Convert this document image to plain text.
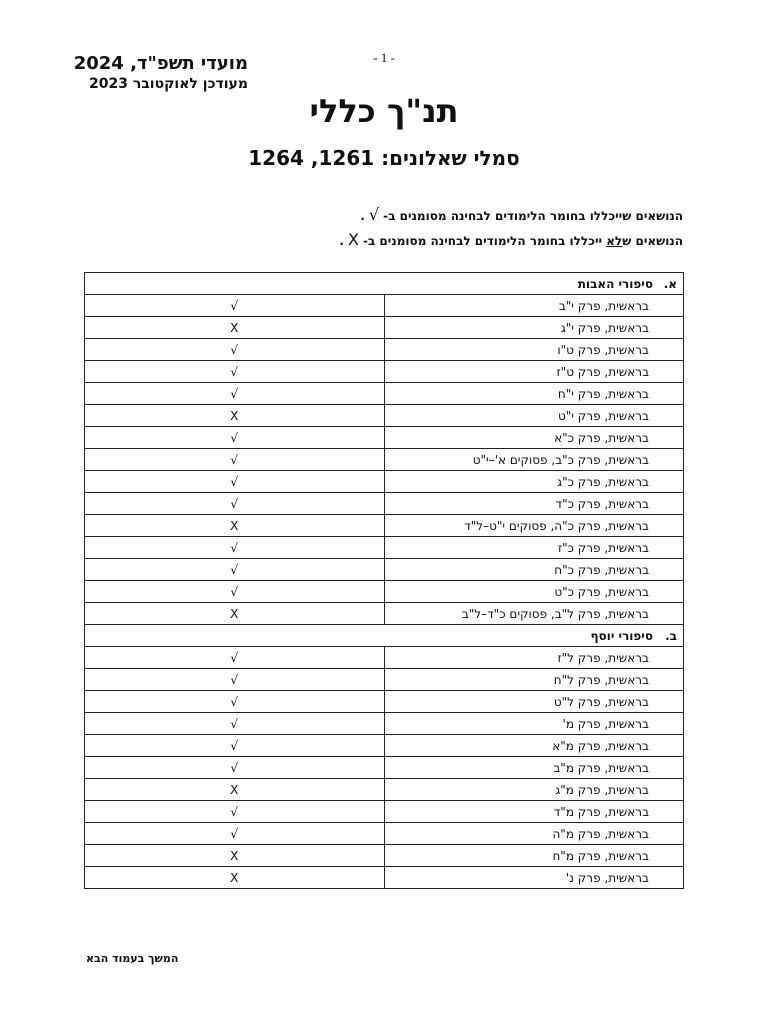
- 1 -
מועדי תשפ"ד, 2024
מעודכן לאוקטובר 2023
תנ"ך כללי
סמלי שאלונים: 1261, 1264
הנושאים שייכללו בחומר הלימודים לבחינה מסומנים ב-√.
הנושאים שלא ייכללו בחומר הלימודים לבחינה מסומנים ב-X.
א.סיפורי האבות	
√	בראשית, פרק י"ב
X	בראשית, פרק י"ג
√	בראשית, פרק ט"ו
√	בראשית, פרק ט"ז
√	בראשית, פרק י"ח
X	בראשית, פרק י"ט
√	בראשית, פרק כ"א
√	בראשית, פרק כ"ב, פסוקים א'–י"ט
√	בראשית, פרק כ"ג
√	בראשית, פרק כ"ד
X	בראשית, פרק כ"ה, פסוקים י"ט–ל"ד
√	בראשית, פרק כ"ז
√	בראשית, פרק כ"ח
√	בראשית, פרק כ"ט
X	בראשית, פרק ל"ב, פסוקים כ"ד–ל"ב
ב.סיפורי יוסף	
√	בראשית, פרק ל"ז
√	בראשית, פרק ל"ח
√	בראשית, פרק ל"ט
√	בראשית, פרק מ'
√	בראשית, פרק מ"א
√	בראשית, פרק מ"ב
X	בראשית, פרק מ"ג
√	בראשית, פרק מ"ד
√	בראשית, פרק מ"ה
X	בראשית, פרק מ"ח
X	בראשית, פרק נ'
המשך בעמוד הבא
